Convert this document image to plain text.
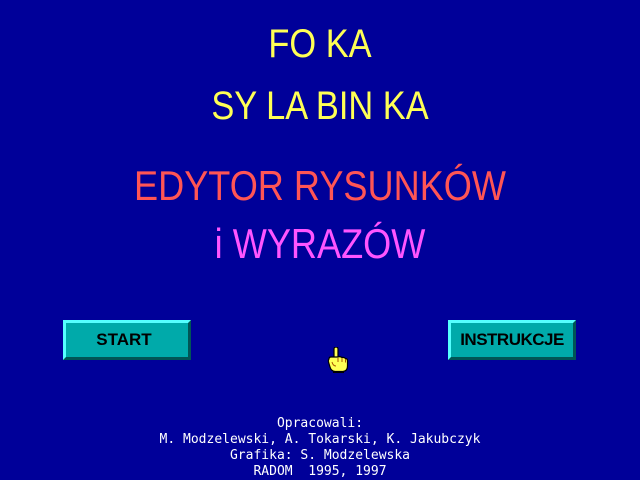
FO KA
SY LA BIN KA
EDYTOR RYSUNKÓW
i WYRAZÓW
START	INSTRUKCJE
Opracowali:
M. Modzelewski, A. Tokarski, K. Jakubczyk
Grafika: S. Modzelewska
RADOM  1995, 1997
